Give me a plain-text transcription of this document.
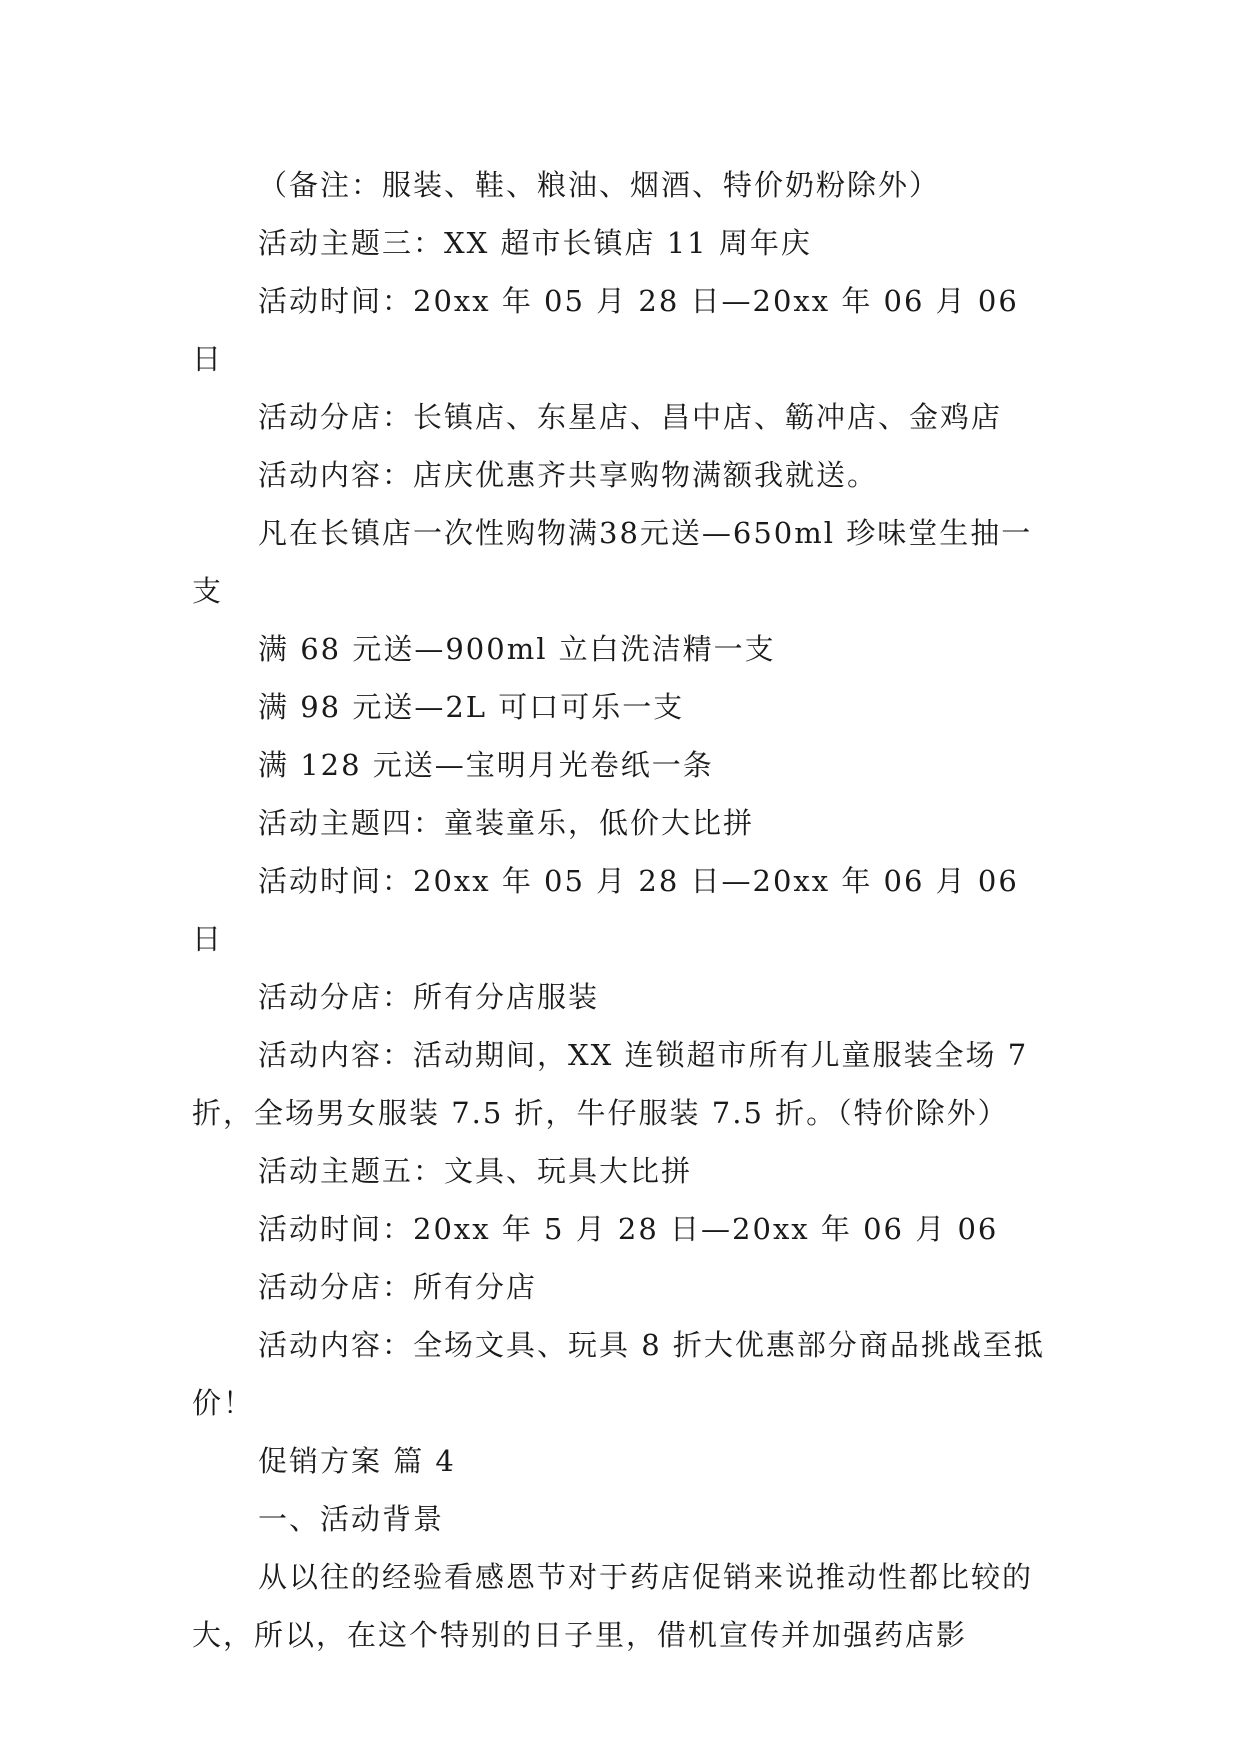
（备注：服装、鞋、粮油、烟酒、特价奶粉除外）

活动主题三：XX 超市长镇店 11 周年庆

活动时间：20xx 年 05 月 28 日—20xx 年 06 月 06 日

活动分店：长镇店、东星店、昌中店、簕冲店、金鸡店

活动内容：店庆优惠齐共享购物满额我就送。

凡在长镇店一次性购物满38元送—650ml 珍味堂生抽一支

满 68 元送—900ml 立白洗洁精一支

满 98 元送—2L 可口可乐一支

满 128 元送—宝明月光卷纸一条

活动主题四：童装童乐，低价大比拼

活动时间：20xx 年 05 月 28 日—20xx 年 06 月 06 日

活动分店：所有分店服装

活动内容：活动期间，XX 连锁超市所有儿童服装全场 7 折，全场男女服装 7.5 折，牛仔服装 7.5 折。（特价除外）

活动主题五：文具、玩具大比拼

活动时间：20xx 年 5 月 28 日—20xx 年 06 月 06

活动分店：所有分店

活动内容：全场文具、玩具 8 折大优惠部分商品挑战至抵价！

促销方案 篇 4

一、活动背景

从以往的经验看感恩节对于药店促销来说推动性都比较的大，所以，在这个特别的日子里，借机宣传并加强药店影
